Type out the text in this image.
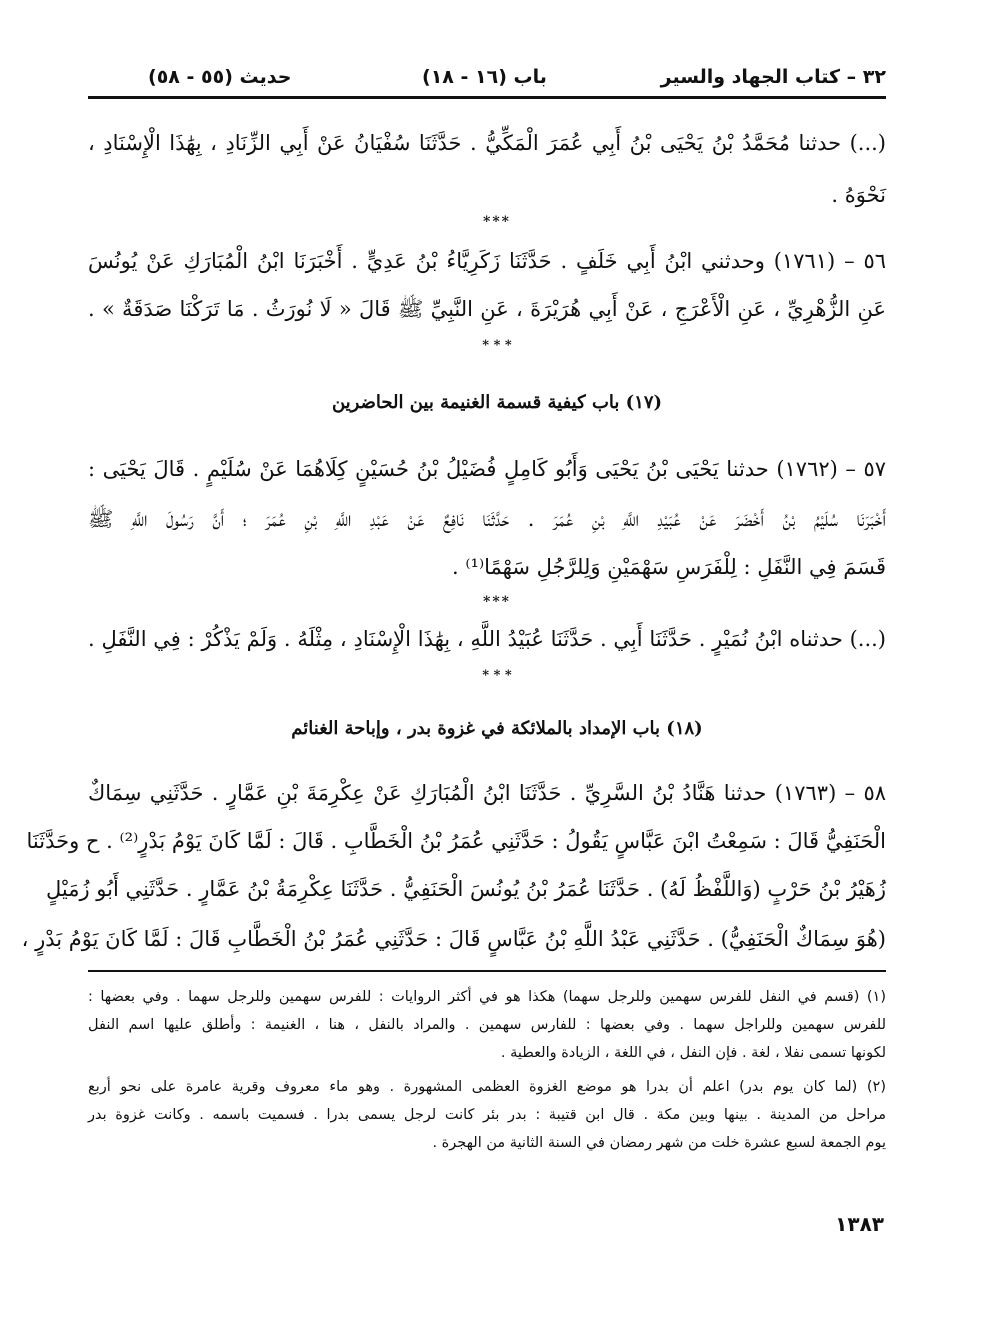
٣٢ – كتاب الجهاد والسير
(١٦ - ١٨) باب
(٥٥ - ٥٨) حديث
(...) حدثنا مُحَمَّدُ بْنُ يَحْيَى بْنُ أَبِي عُمَرَ الْمَكِّيُّ . حَدَّثَنَا سُفْيَانُ عَنْ أَبِي الزِّنَادِ ، بِهَٰذَا الْإِسْنَادِ ،
نَحْوَهُ .
***
٥٦ – (١٧٦١) وحدثني ابْنُ أَبِي خَلَفٍ . حَدَّثَنَا زَكَرِيَّاءُ بْنُ عَدِيٍّ . أَخْبَرَنَا ابْنُ الْمُبَارَكِ عَنْ يُونُسَ
عَنِ الزُّهْرِيِّ ، عَنِ الْأَعْرَجِ ، عَنْ أَبِي هُرَيْرَةَ ، عَنِ النَّبِيِّ ﷺ قَالَ « لَا نُورَثُ . مَا تَرَكْنَا صَدَقَةٌ » .
* * *
(١٧) باب كيفية قسمة الغنيمة بين الحاضرين
٥٧ – (١٧٦٢) حدثنا يَحْيَى بْنُ يَحْيَى وَأَبُو كَامِلٍ فُضَيْلُ بْنُ حُسَيْنٍ كِلَاهُمَا عَنْ سُلَيْمٍ . قَالَ يَحْيَى :
أَخْبَرَنَا سُلَيْمُ بْنُ أَخْضَرَ عَنْ عُبَيْدِ اللَّهِ بْنِ عُمَرَ . حَدَّثَنَا نَافِعٌ عَنْ عَبْدِ اللَّهِ بْنِ عُمَرَ ؛ أَنَّ رَسُولَ اللَّهِ ﷺ
قَسَمَ فِي النَّفَلِ : لِلْفَرَسِ سَهْمَيْنِ وَلِلرَّجُلِ سَهْمًا⁽¹⁾ .
***
(...) حدثناه ابْنُ نُمَيْرٍ . حَدَّثَنَا أَبِي . حَدَّثَنَا عُبَيْدُ اللَّهِ ، بِهَٰذَا الْإِسْنَادِ ، مِثْلَهُ . وَلَمْ يَذْكُرْ : فِي النَّفَلِ .
* * *
(١٨) باب الإمداد بالملائكة في غزوة بدر ، وإباحة الغنائم
٥٨ – (١٧٦٣) حدثنا هَنَّادُ بْنُ السَّرِيِّ . حَدَّثَنَا ابْنُ الْمُبَارَكِ عَنْ عِكْرِمَةَ بْنِ عَمَّارٍ . حَدَّثَنِي سِمَاكٌ
الْحَنَفِيُّ قَالَ : سَمِعْتُ ابْنَ عَبَّاسٍ يَقُولُ : حَدَّثَنِي عُمَرُ بْنُ الْخَطَّابِ . قَالَ : لَمَّا كَانَ يَوْمُ بَدْرٍ⁽²⁾ . ح وحَدَّثَنَا
زُهَيْرُ بْنُ حَرْبٍ (وَاللَّفْظُ لَهُ) . حَدَّثَنَا عُمَرُ بْنُ يُونُسَ الْحَنَفِيُّ . حَدَّثَنَا عِكْرِمَةُ بْنُ عَمَّارٍ . حَدَّثَنِي أَبُو زُمَيْلٍ
(هُوَ سِمَاكٌ الْحَنَفِيُّ) . حَدَّثَنِي عَبْدُ اللَّهِ بْنُ عَبَّاسٍ قَالَ : حَدَّثَنِي عُمَرُ بْنُ الْخَطَّابِ قَالَ : لَمَّا كَانَ يَوْمُ بَدْرٍ ،
(١) (قسم في النفل للفرس سهمين وللرجل سهما) هكذا هو في أكثر الروايات : للفرس سهمين وللرجل سهما . وفي بعضها :
للفرس سهمين وللراجل سهما . وفي بعضها : للفارس سهمين . والمراد بالنفل ، هنا ، الغنيمة : وأطلق عليها اسم النفل
لكونها تسمى نفلا ، لغة . فإن النفل ، في اللغة ، الزيادة والعطية .
(٢) (لما كان يوم بدر) اعلم أن بدرا هو موضع الغزوة العظمى المشهورة . وهو ماء معروف وقرية عامرة على نحو أربع
مراحل من المدينة . بينها وبين مكة . قال ابن قتيبة : بدر بئر كانت لرجل يسمى بدرا . فسميت باسمه . وكانت غزوة بدر
يوم الجمعة لسبع عشرة خلت من شهر رمضان في السنة الثانية من الهجرة .
١٣٨٣
